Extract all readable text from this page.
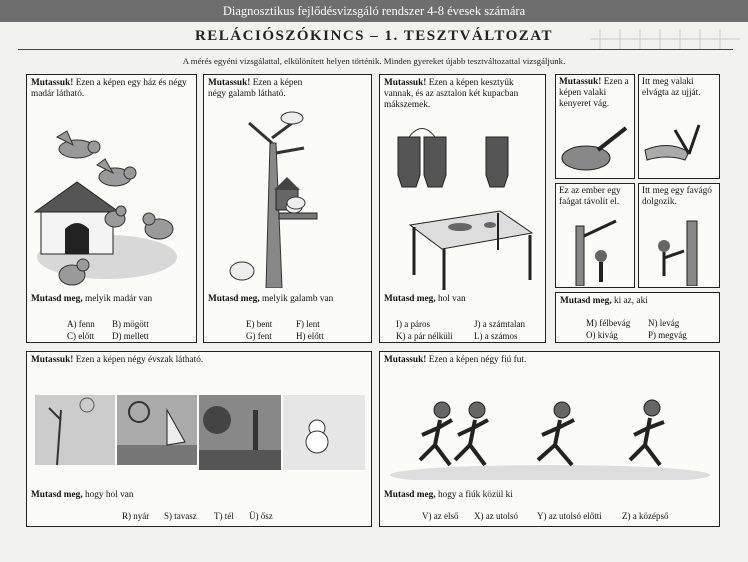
Diagnosztikus fejlődésvizsgáló rendszer 4-8 évesek számára
RELÁCIÓSZÓKINCS – 1. TESZTVÁLTOZAT
A mérés egyéni vizsgálattal, elkülönített helyen történik. Minden gyereket újabb tesztváltozattal vizsgáljunk.
Mutassuk! Ezen a képen egy ház és négy madár látható.
Mutasd meg, melyik madár van
A) fenn B) mögött
C) előtt D) mellett
Mutassuk! Ezen a képen négy galamb látható.
Mutasd meg, melyik galamb van
E) bent	F) lent
G) fent	H) előtt
Mutassuk! Ezen a képen kesztyűk vannak, és az asztalon két kupacban mákszemek.
Mutasd meg, hol van
I) a páros	J) a számtalan
K) a pár nélküli L) a számos
Mutassuk! Ezen a képen valaki kenyeret vág.
Itt meg valaki elvágta az ujját.
Ez az ember egy faágat távolít el.
Itt meg egy favágó dolgozik.
Mutasd meg, ki az, aki
M) félbevág N) levág
O) kivág	P) megvág
Mutassuk! Ezen a képen négy évszak látható.
Mutasd meg, hogy hol van
R) nyár S) tavasz T) tél Ü) ősz
Mutassuk! Ezen a képen négy fiú fut.
Mutasd meg, hogy a fiúk közül ki
V) az első X) az utolsó Y) az utolsó előtti Z) a középső
